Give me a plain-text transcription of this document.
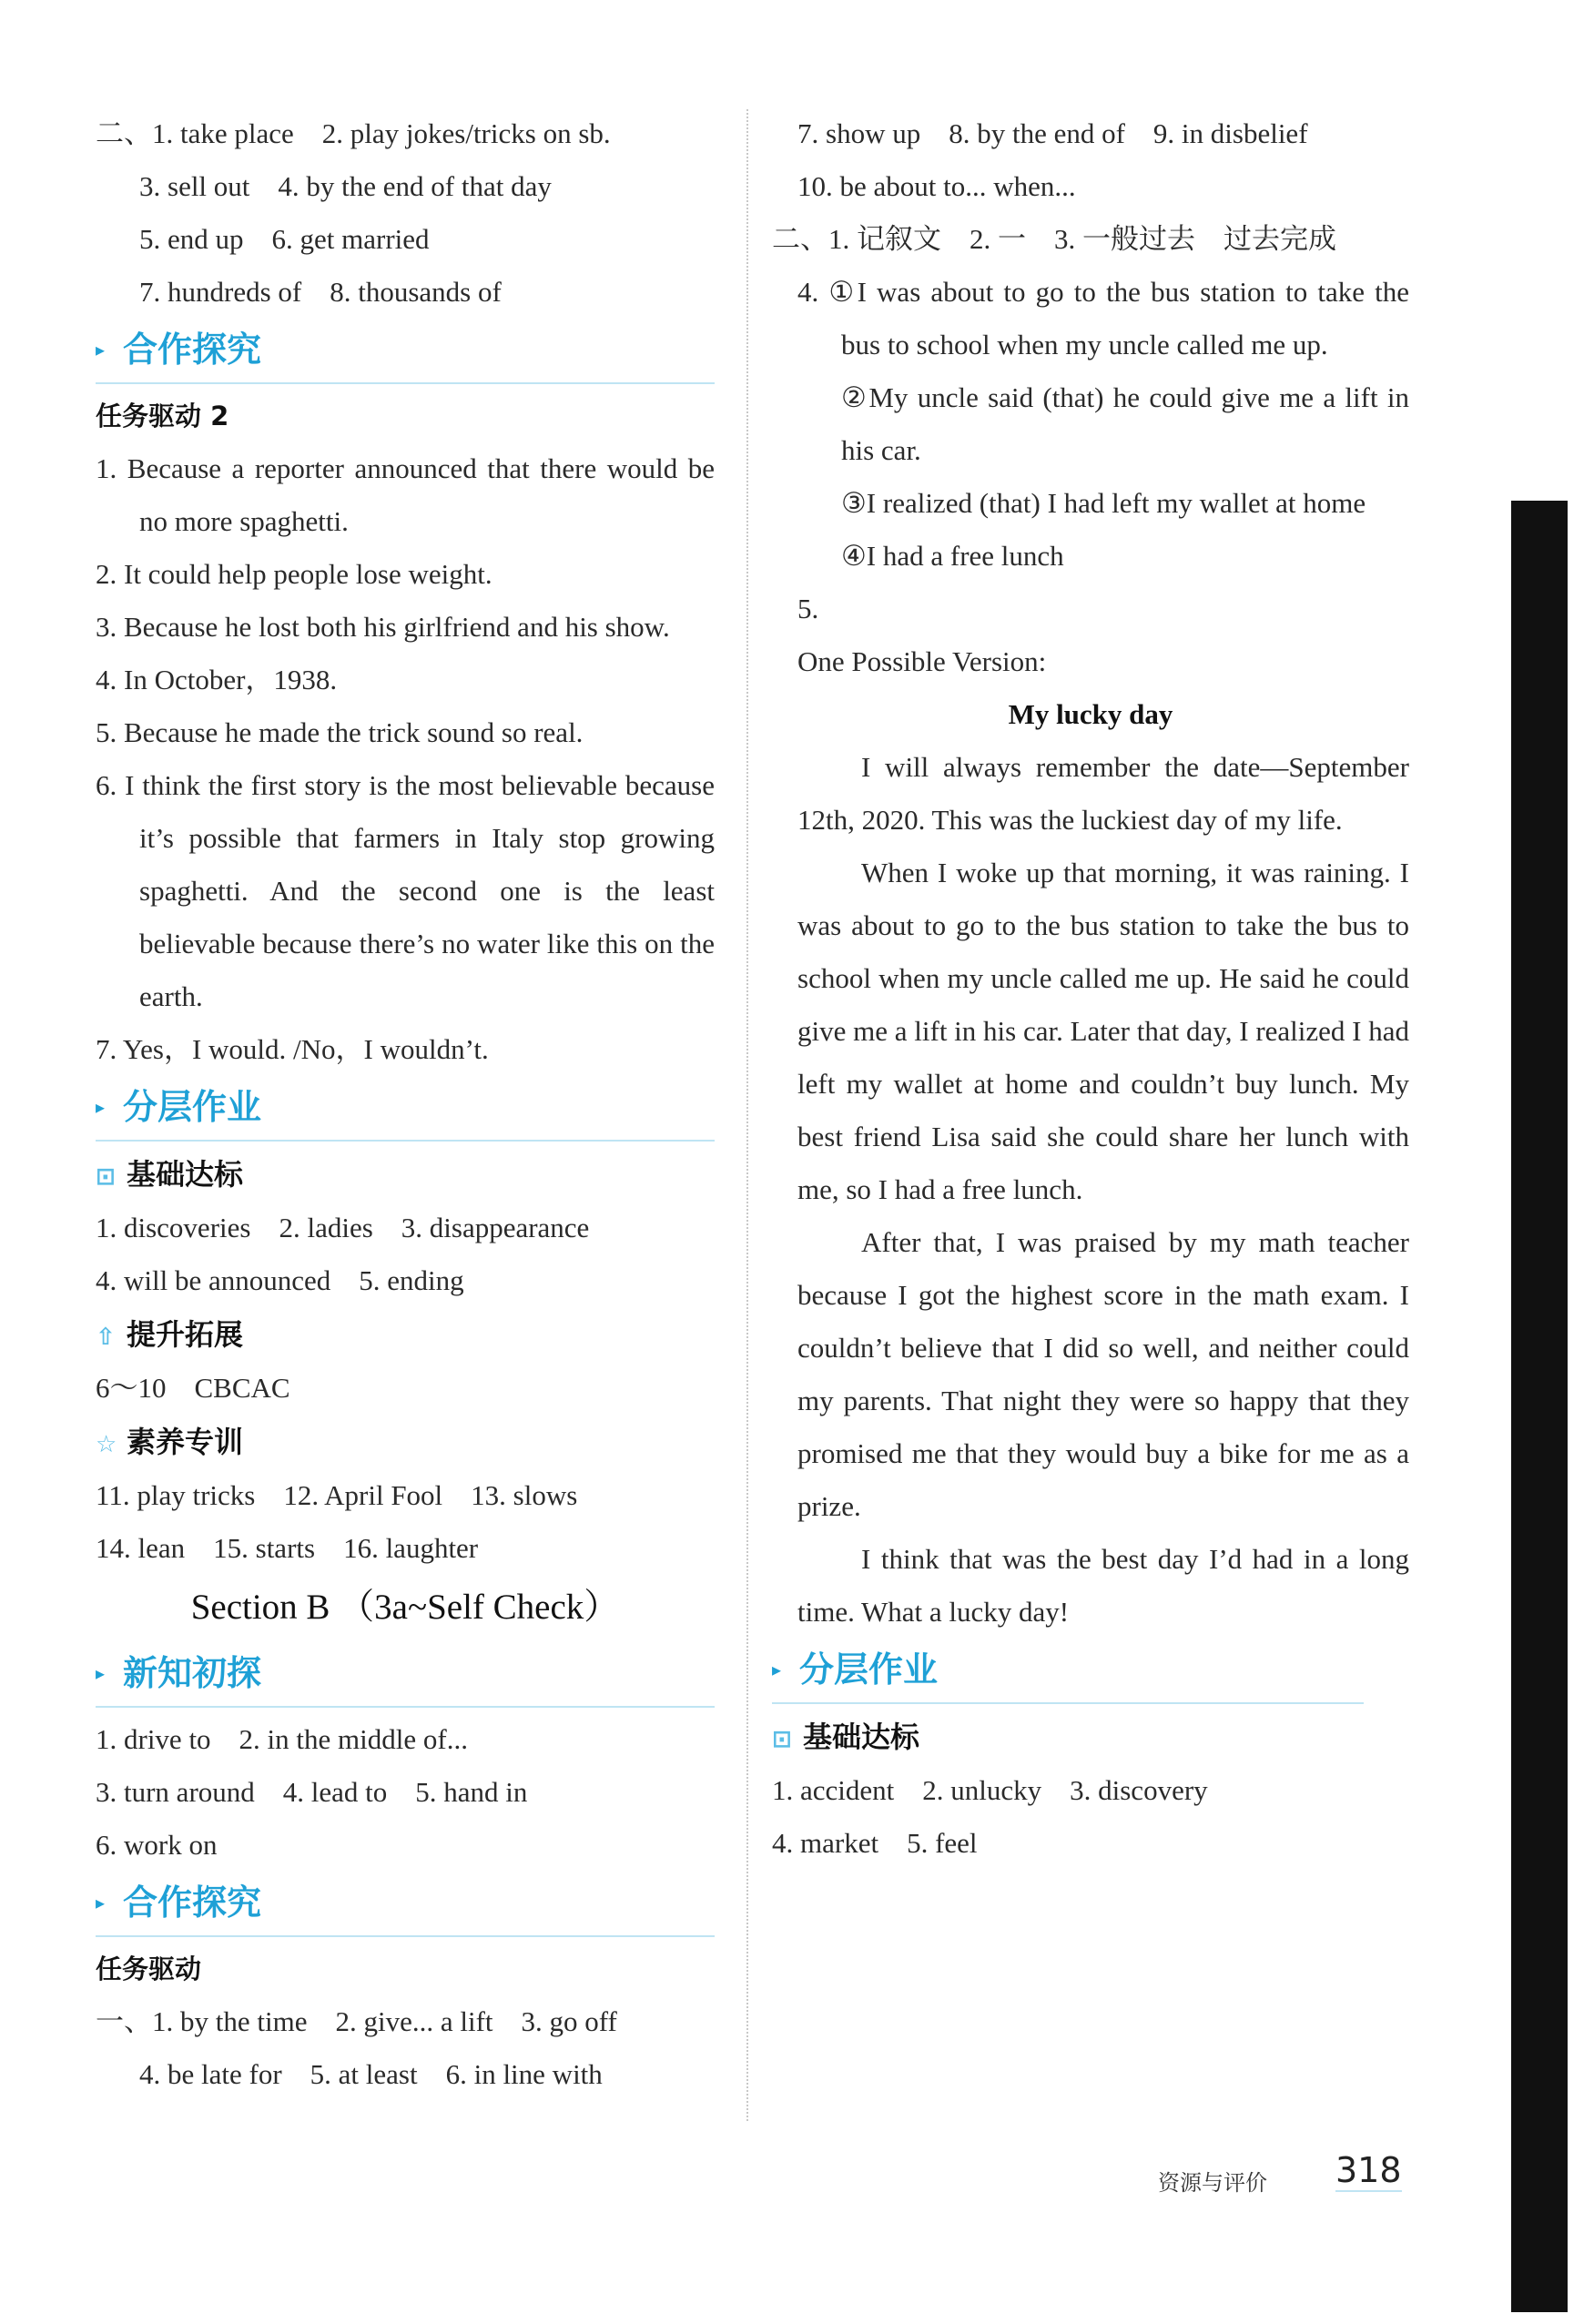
二、1. take place　2. play jokes/tricks on sb.
3. sell out　4. by the end of that day
5. end up　6. get married
7. hundreds of　8. thousands of
▸ 合作探究
任务驱动 2
1. Because a reporter announced that there would be no more spaghetti.
2. It could help people lose weight.
3. Because he lost both his girlfriend and his show.
4. In October，1938.
5. Because he made the trick sound so real.
6. I think the first story is the most believable because it’s possible that farmers in Italy stop growing spaghetti. And the second one is the least believable because there’s no water like this on the earth.
7. Yes，I would. /No，I wouldn’t.
▸ 分层作业
⊡ 基础达标
1. discoveries　2. ladies　3. disappearance
4. will be announced　5. ending
⇧ 提升拓展
6～10　CBCAC
☆ 素养专训
11. play tricks　12. April Fool　13. slows
14. lean　15. starts　16. laughter
Section B （3a~Self Check）
▸ 新知初探
1. drive to　2. in the middle of...
3. turn around　4. lead to　5. hand in
6. work on
▸ 合作探究
任务驱动
一、1. by the time　2. give... a lift　3. go off
4. be late for　5. at least　6. in line with
7. show up　8. by the end of　9. in disbelief
10. be about to... when...
二、1. 记叙文　2. 一　3. 一般过去　过去完成
4. ①I was about to go to the bus station to take the bus to school when my uncle called me up.
②My uncle said (that) he could give me a lift in his car.
③I realized (that) I had left my wallet at home
④I had a free lunch
5.
One Possible Version:
My lucky day
I will always remember the date—September 12th, 2020. This was the luckiest day of my life.
When I woke up that morning, it was raining. I was about to go to the bus station to take the bus to school when my uncle called me up. He said he could give me a lift in his car. Later that day, I realized I had left my wallet at home and couldn’t buy lunch. My best friend Lisa said she could share her lunch with me, so I had a free lunch.
After that, I was praised by my math teacher because I got the highest score in the math exam. I couldn’t believe that I did so well, and neither could my parents. That night they were so happy that they promised me that they would buy a bike for me as a prize.
I think that was the best day I’d had in a long time. What a lucky day!
▸ 分层作业
⊡ 基础达标
1. accident　2. unlucky　3. discovery
4. market　5. feel
资源与评价 318
